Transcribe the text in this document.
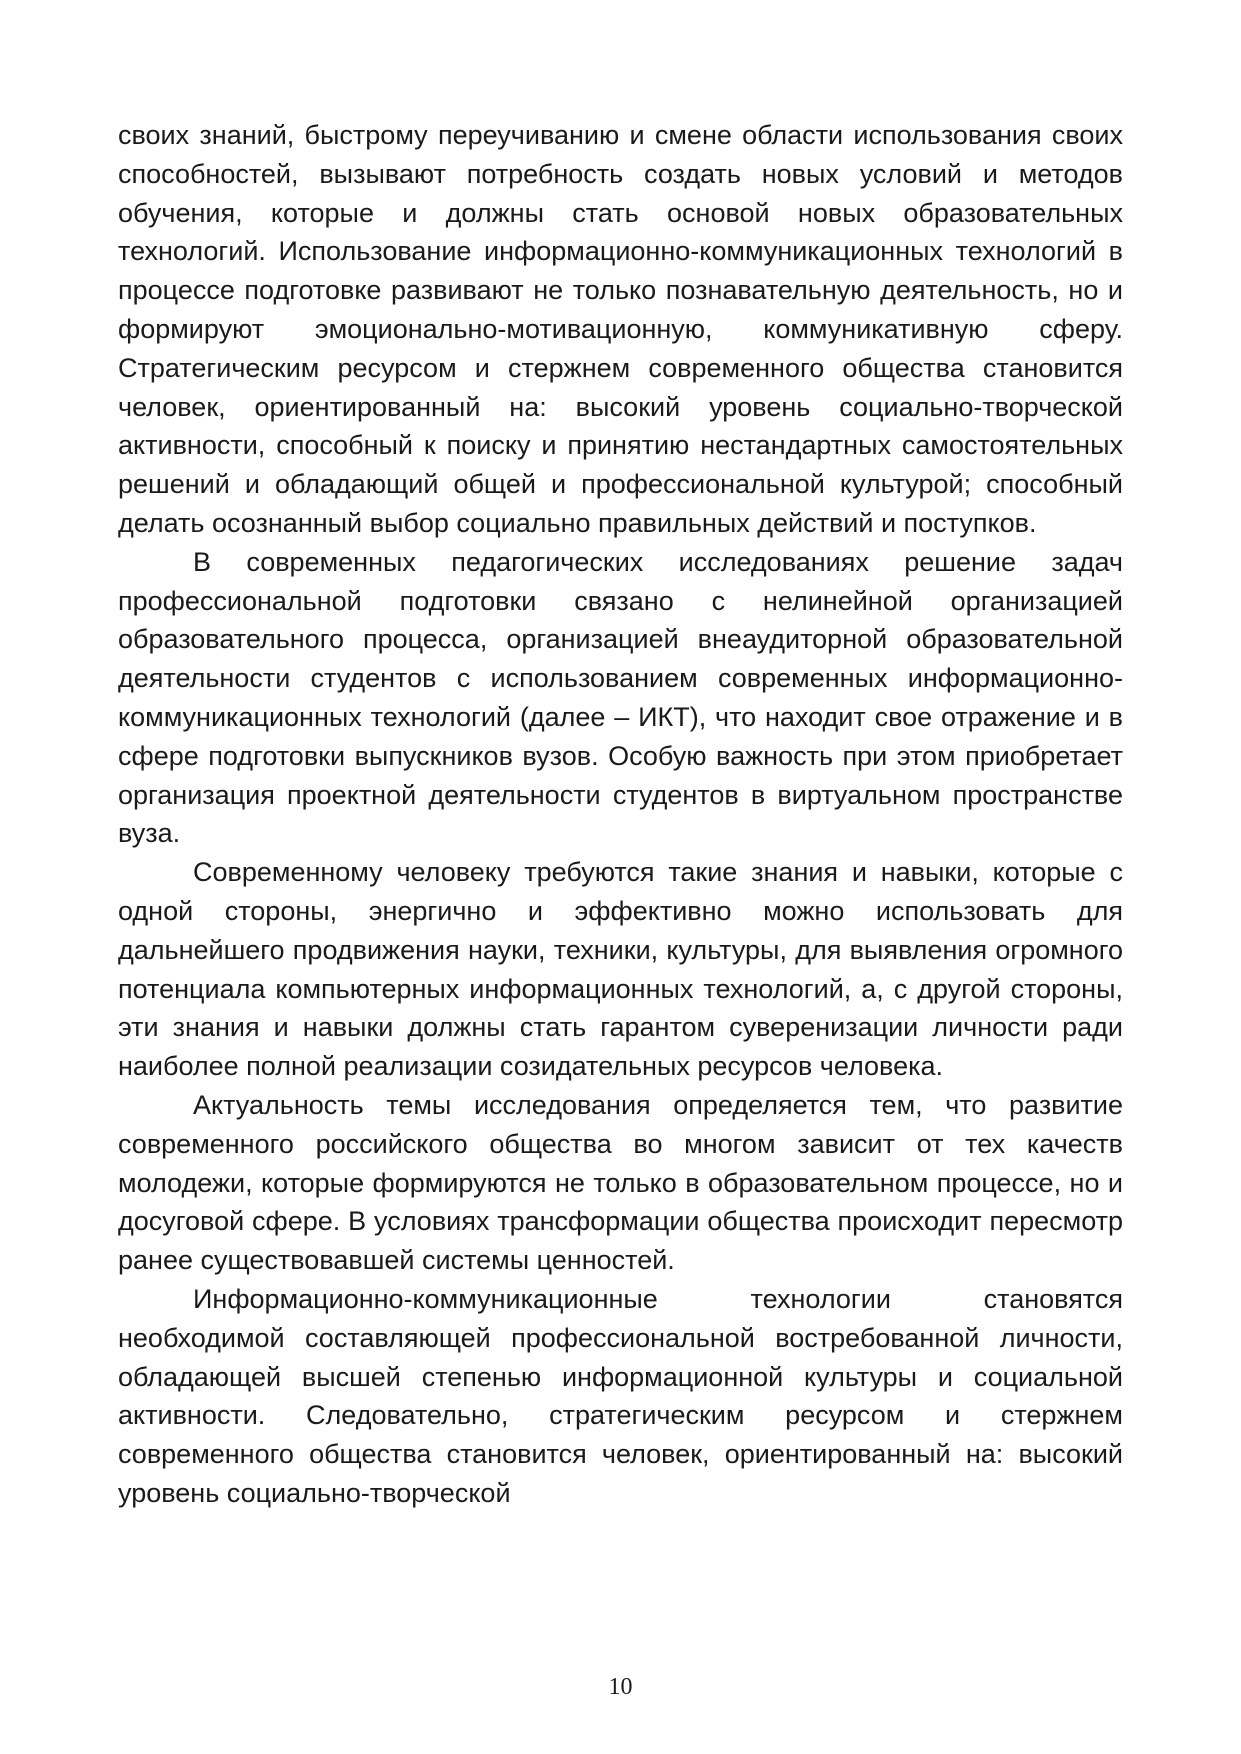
своих знаний, быстрому переучиванию и смене области использования своих способностей, вызывают потребность создать новых условий и методов обучения, которые и должны стать основой новых образовательных технологий. Использование информационно-коммуникационных технологий в процессе подготовке развивают не только познавательную деятельность, но и формируют эмоционально-мотивационную, коммуникативную сферу. Стратегическим ресурсом и стержнем современного общества становится человек, ориентированный на: высокий уровень социально-творческой активности, способный к поиску и принятию нестандартных самостоятельных решений и обладающий общей и профессиональной культурой; способный делать осознанный выбор социально правильных действий и поступков.

В современных педагогических исследованиях решение задач профессиональной подготовки связано с нелинейной организацией образовательного процесса, организацией внеаудиторной образовательной деятельности студентов с использованием современных информационно-коммуникационных технологий (далее – ИКТ), что находит свое отражение и в сфере подготовки выпускников вузов. Особую важность при этом приобретает организация проектной деятельности студентов в виртуальном пространстве вуза.

Современному человеку требуются такие знания и навыки, которые с одной стороны, энергично и эффективно можно использовать для дальнейшего продвижения науки, техники, культуры, для выявления огромного потенциала компьютерных информационных технологий, а, с другой стороны, эти знания и навыки должны стать гарантом суверенизации личности ради наиболее полной реализации созидательных ресурсов человека.

Актуальность темы исследования определяется тем, что развитие современного российского общества во многом зависит от тех качеств молодежи, которые формируются не только в образовательном процессе, но и досуговой сфере. В условиях трансформации общества происходит пересмотр ранее существовавшей системы ценностей.

Информационно-коммуникационные технологии становятся необходимой составляющей профессиональной востребованной личности, обладающей высшей степенью информационной культуры и социальной активности. Следовательно, стратегическим ресурсом и стержнем современного общества становится человек, ориентированный на: высокий уровень социально-творческой

10
